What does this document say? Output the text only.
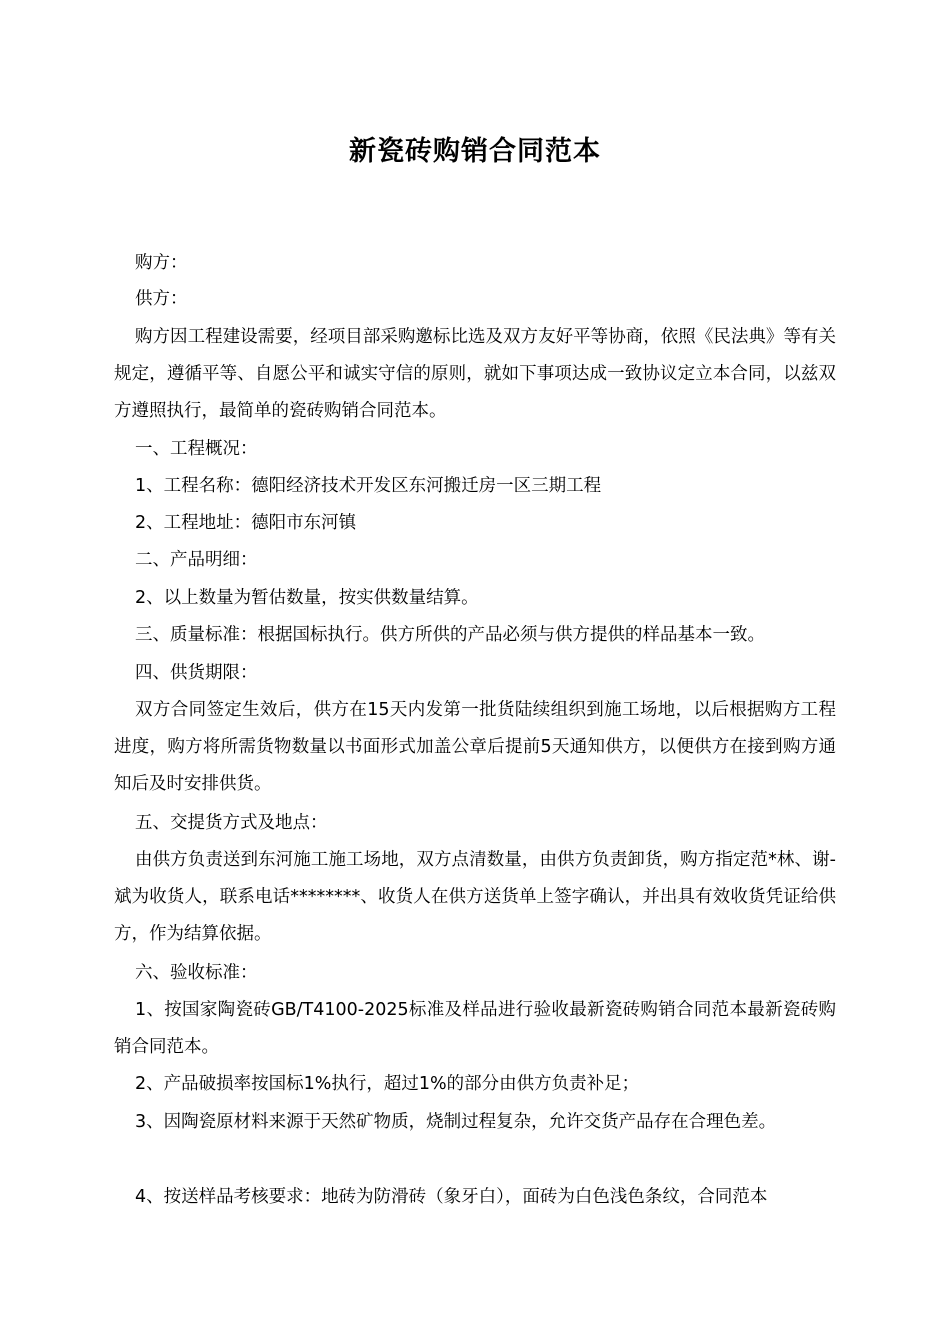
新瓷砖购销合同范本
购方：
供方：
购方因工程建设需要，经项目部采购邀标比选及双方友好平等协商，依照《民法典》等有关规定，遵循平等、自愿公平和诚实守信的原则，就如下事项达成一致协议定立本合同，以兹双方遵照执行，最简单的瓷砖购销合同范本。
一、工程概况：
1、工程名称：德阳经济技术开发区东河搬迁房一区三期工程
2、工程地址：德阳市东河镇
二、产品明细：
2、以上数量为暂估数量，按实供数量结算。
三、质量标准：根据国标执行。供方所供的产品必须与供方提供的样品基本一致。
四、供货期限：
双方合同签定生效后，供方在15天内发第一批货陆续组织到施工场地，以后根据购方工程进度，购方将所需货物数量以书面形式加盖公章后提前5天通知供方，以便供方在接到购方通知后及时安排供货。
五、交提货方式及地点：
由供方负责送到东河施工施工场地，双方点清数量，由供方负责卸货，购方指定范*林、谢-斌为收货人，联系电话********、收货人在供方送货单上签字确认，并出具有效收货凭证给供方，作为结算依据。
六、验收标准：
1、按国家陶瓷砖GB/T4100-2025标准及样品进行验收最新瓷砖购销合同范本最新瓷砖购销合同范本。
2、产品破损率按国标1%执行，超过1%的部分由供方负责补足；
3、因陶瓷原材料来源于天然矿物质，烧制过程复杂，允许交货产品存在合理色差。
4、按送样品考核要求：地砖为防滑砖（象牙白），面砖为白色浅色条纹，合同范本
